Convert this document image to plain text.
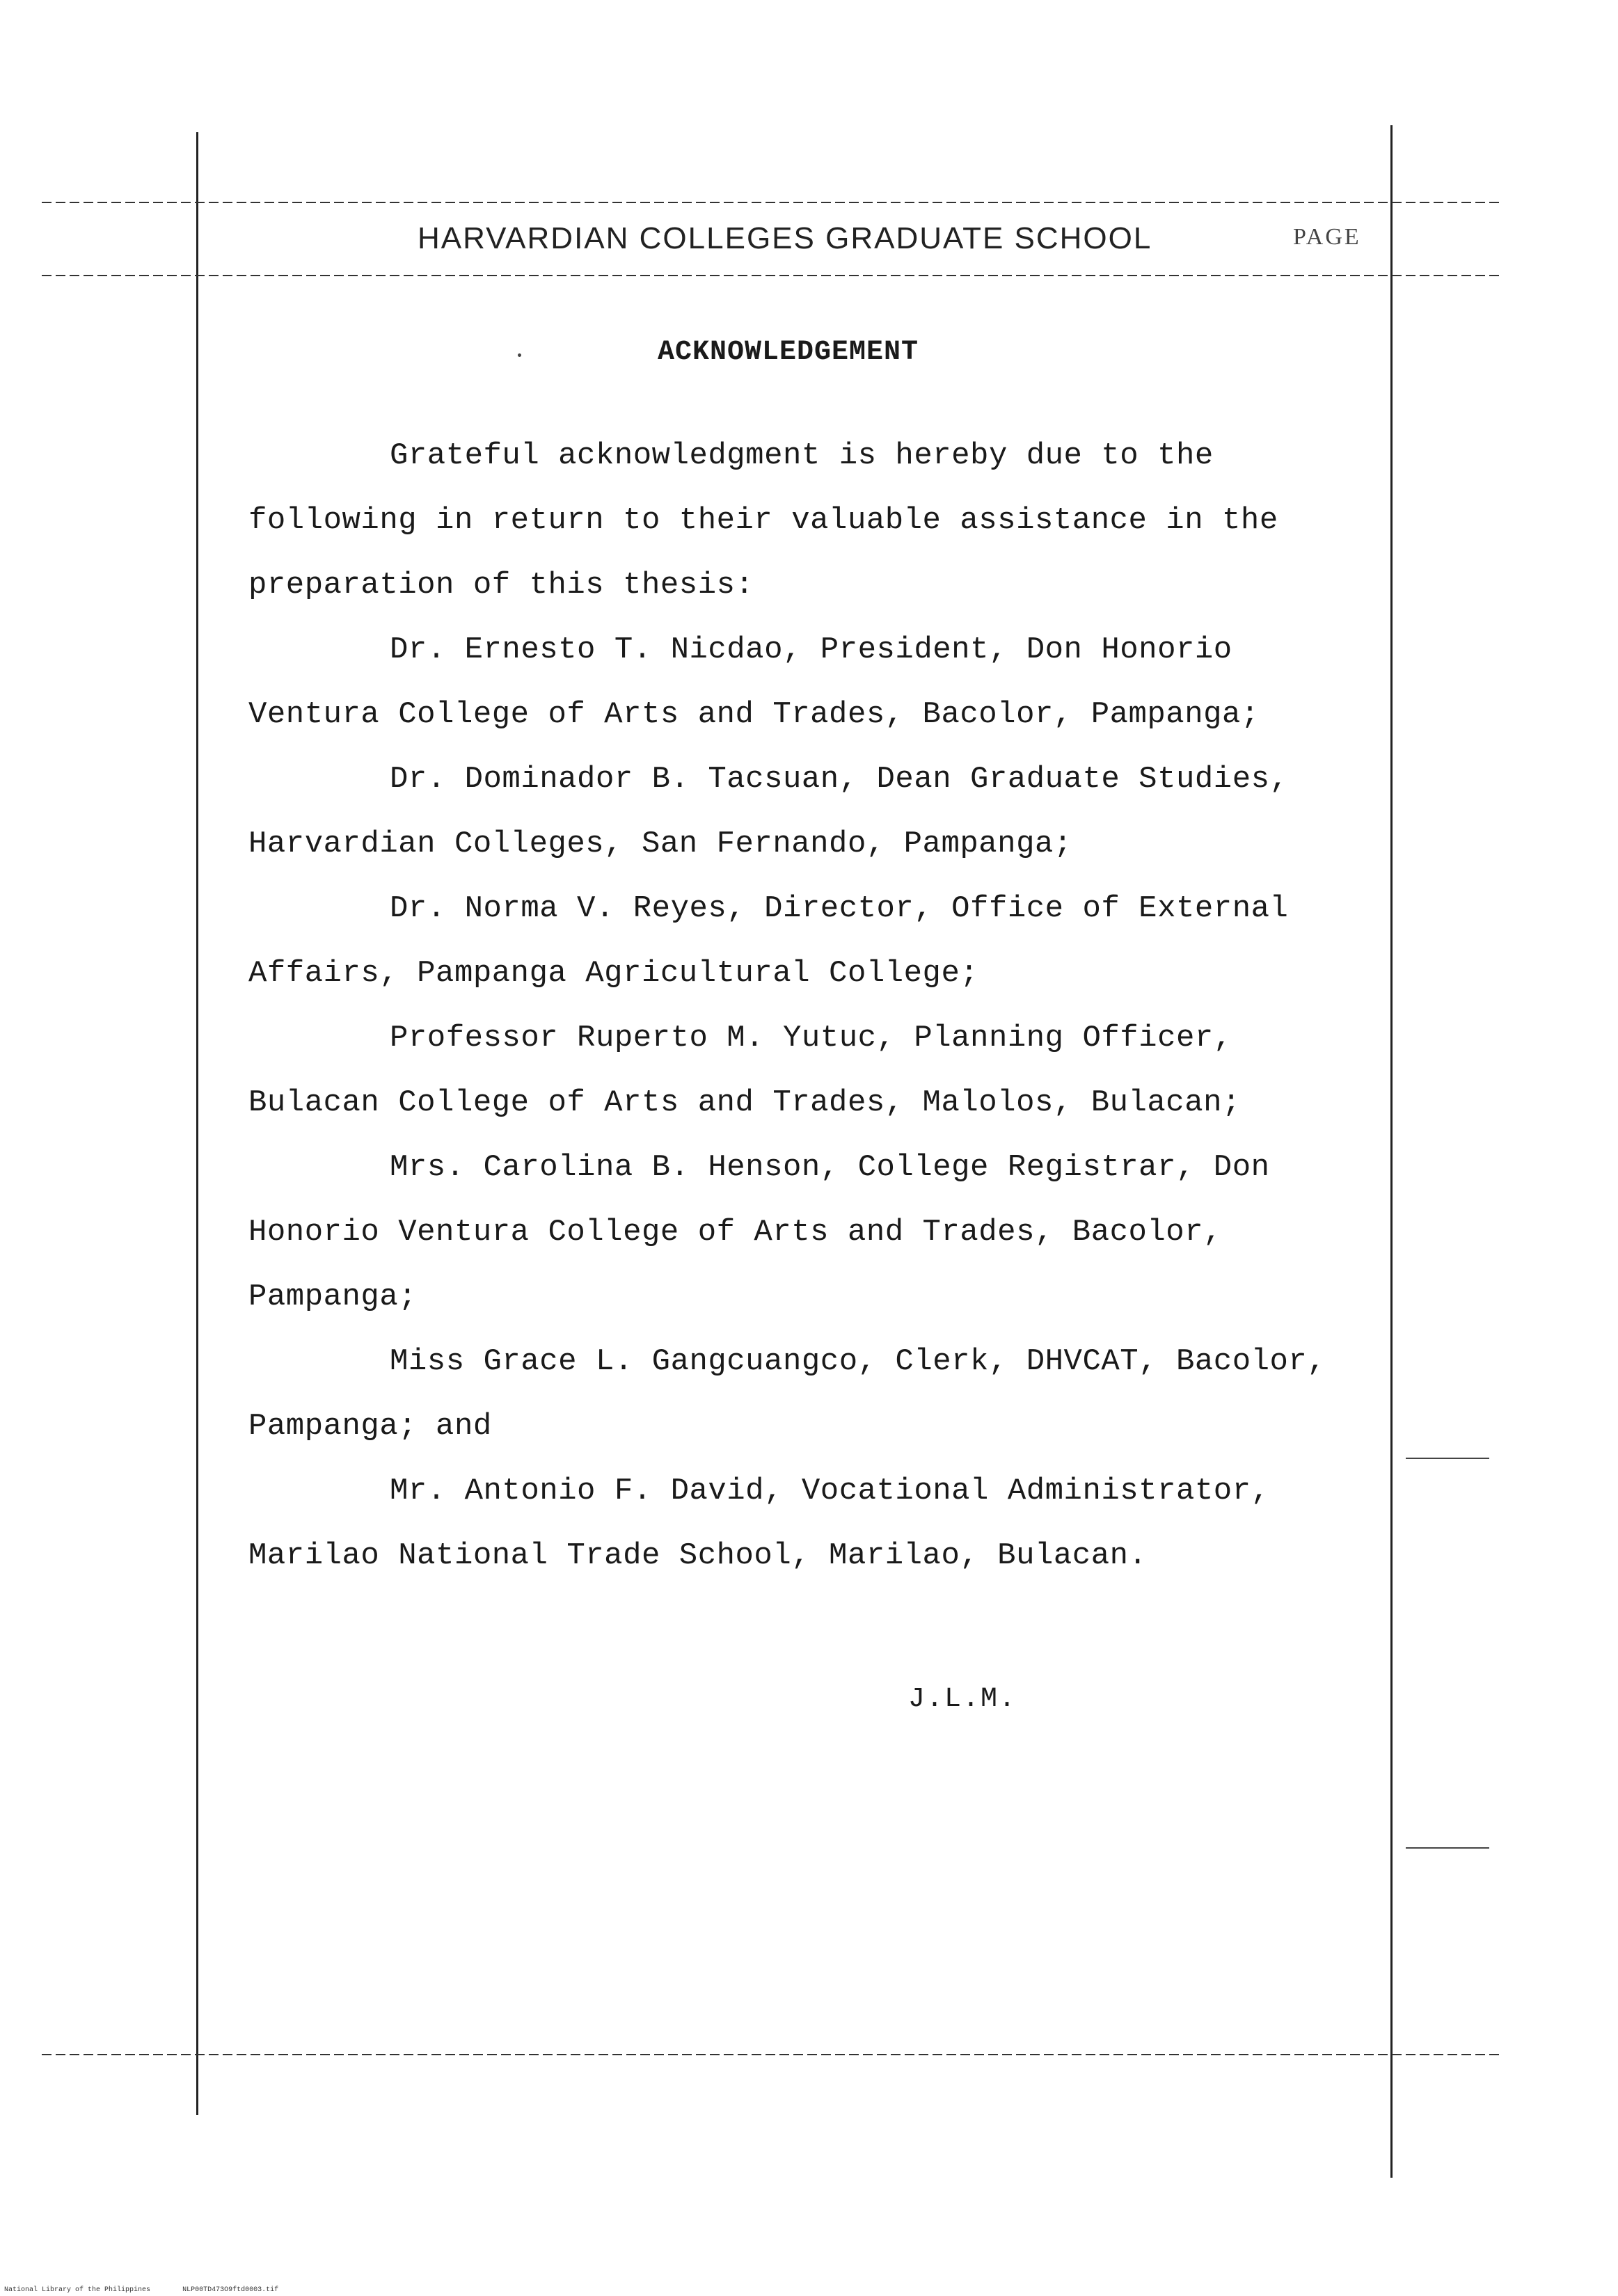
HARVARDIAN COLLEGES GRADUATE SCHOOL	PAGE
ACKNOWLEDGEMENT
Grateful acknowledgment is hereby due to the
following in return to their valuable assistance in the
preparation of this thesis:
Dr. Ernesto T. Nicdao, President, Don Honorio
Ventura College of Arts and Trades, Bacolor, Pampanga;
Dr. Dominador B. Tacsuan, Dean Graduate Studies,
Harvardian Colleges, San Fernando, Pampanga;
Dr. Norma V. Reyes, Director, Office of External
Affairs, Pampanga Agricultural College;
Professor Ruperto M. Yutuc, Planning Officer,
Bulacan College of Arts and Trades, Malolos, Bulacan;
Mrs. Carolina B. Henson, College Registrar, Don
Honorio Ventura College of Arts and Trades, Bacolor,
Pampanga;
Miss Grace L. Gangcuangco, Clerk, DHVCAT, Bacolor,
Pampanga; and
Mr. Antonio F. David, Vocational Administrator,
Marilao National Trade School, Marilao, Bulacan.
J.L.M.
National Library of the Philippines	NLP00TD473O9ftd0003.tif
